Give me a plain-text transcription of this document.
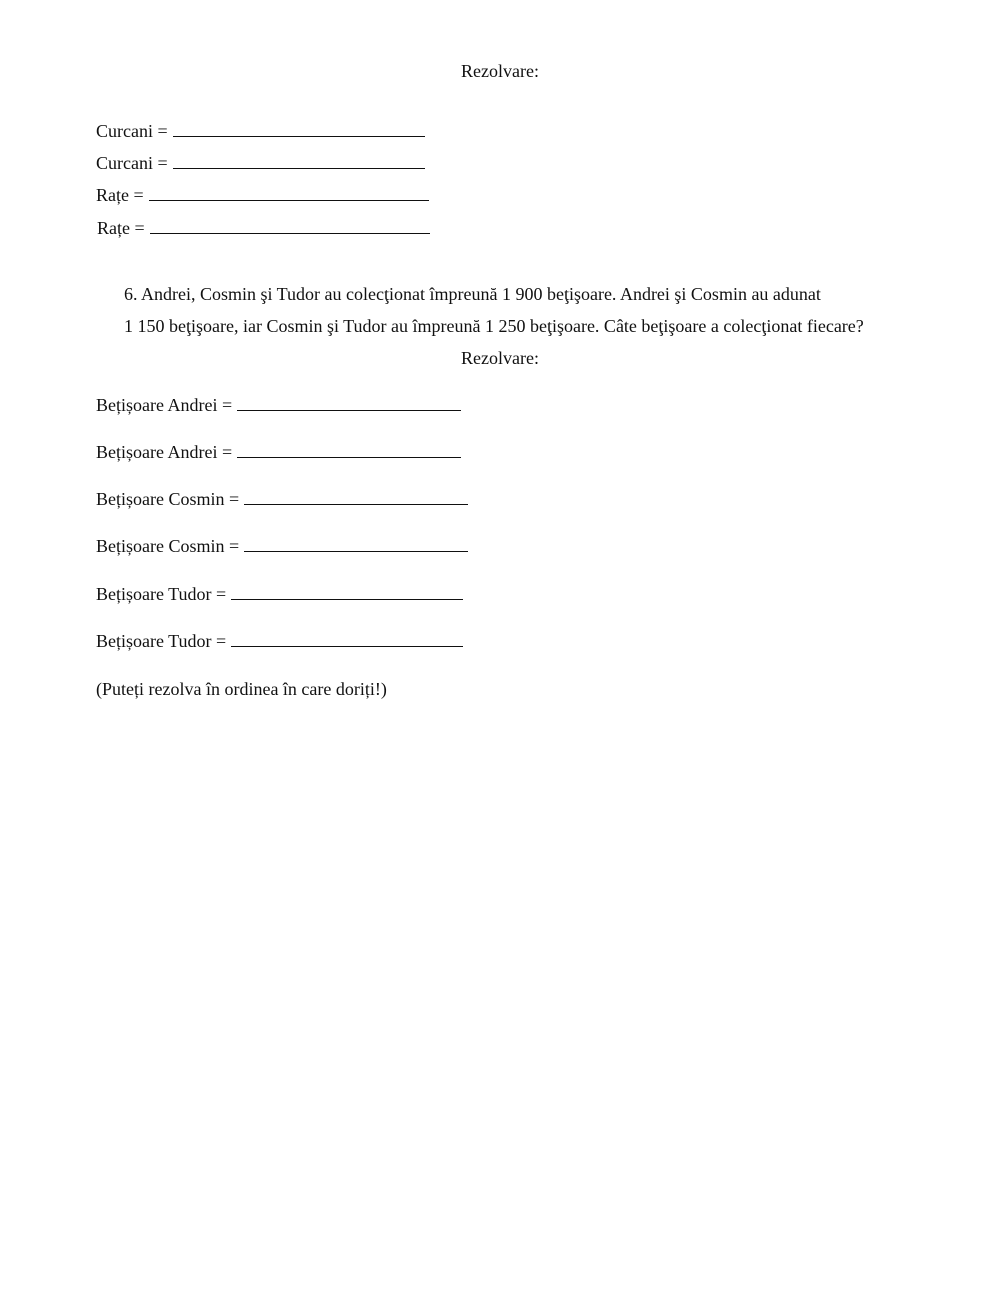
Rezolvare:
Curcani =
Curcani =
Rațe =
Rațe =
6. Andrei, Cosmin şi Tudor au colecţionat împreună 1 900 beţişoare. Andrei şi Cosmin au adunat
1 150 beţişoare, iar Cosmin şi Tudor au împreună 1 250 beţişoare. Câte beţişoare a colecţionat fiecare?
Rezolvare:
Bețișoare Andrei =
Bețișoare Andrei =
Bețișoare Cosmin =
Bețișoare Cosmin =
Bețișoare Tudor =
Bețișoare Tudor =
(Puteți rezolva în ordinea în care doriți!)
